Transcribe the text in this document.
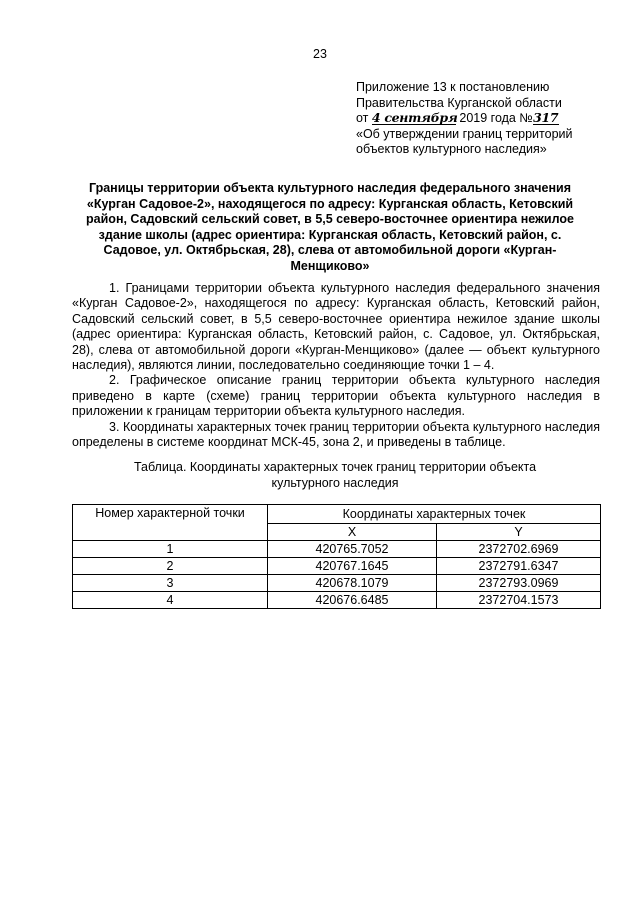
23
Приложение 13 к постановлению
Правительства Курганской области
от 4 сентября 2019 года №317
«Об утверждении границ территорий
объектов культурного наследия»
Границы территории объекта культурного наследия федерального значения «Курган Садовое-2», находящегося по адресу: Курганская область, Кетовский район, Садовский сельский совет, в 5,5 северо-восточнее ориентира нежилое здание школы (адрес ориентира: Курганская область, Кетовский район, с. Садовое, ул. Октябрьская, 28), слева от автомобильной дороги «Курган-Менщиково»

1. Границами территории объекта культурного наследия федерального значения «Курган Садовое-2», находящегося по адресу: Курганская область, Кетовский район, Садовский сельский совет, в 5,5 северо-восточнее ориентира нежилое здание школы (адрес ориентира: Курганская область, Кетовский район, с. Садовое, ул. Октябрьская, 28), слева от автомобильной дороги «Курган-Менщиково» (далее — объект культурного наследия), являются линии, последовательно соединяющие точки 1 – 4.

2. Графическое описание границ территории объекта культурного наследия приведено в карте (схеме) границ территории объекта культурного наследия в приложении к границам территории объекта культурного наследия.

3. Координаты характерных точек границ территории объекта культурного наследия определены в системе координат МСК-45, зона 2, и приведены в таблице.

Таблица. Координаты характерных точек границ территории объекта культурного наследия
Номер характерной точки	Координаты характерных точек	
	X	Y
1	420765.7052	2372702.6969
2	420767.1645	2372791.6347
3	420678.1079	2372793.0969
4	420676.6485	2372704.1573
